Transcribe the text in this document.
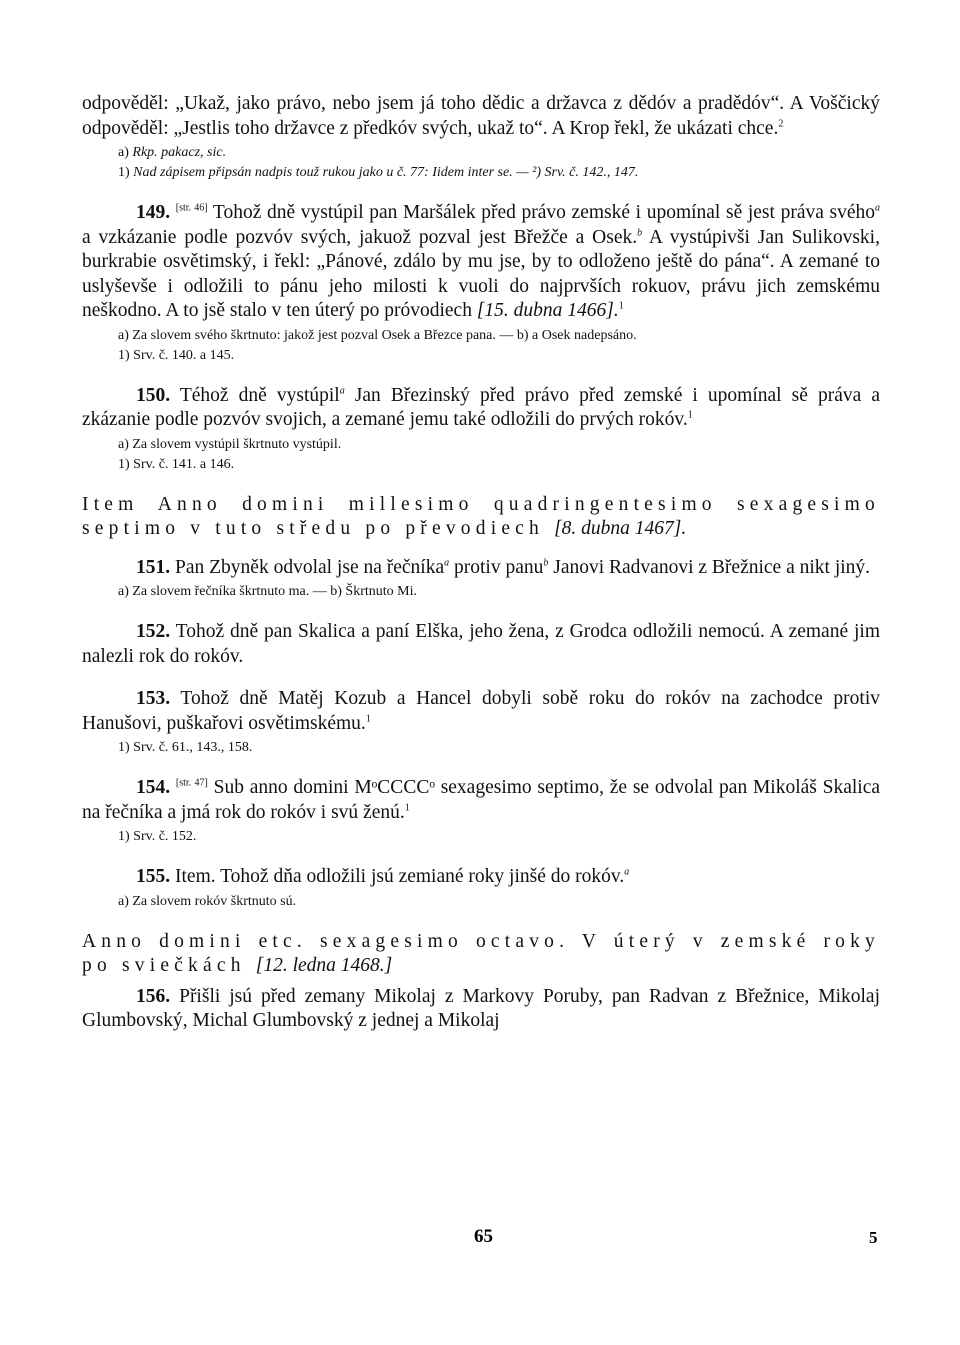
odpověděl: „Ukaž, jako právo, nebo jsem já toho dědic a državca z dědóv a pradědóv“. A Voščický odpověděl: „Jestlis toho državce z předkóv svých, ukaž to“. A Krop řekl, že ukázati chce.$^2$

a) Rkp. pakacz, sic.

1) Nad zápisem připsán nadpis touž rukou jako u č. 77: Iidem inter se. — ²) Srv. č. 142., 147.

149. [str. 46] Tohož dně vystúpil pan Maršálek před právo zemské i upomínal sě jest práva svého$^a$ a vzkázanie podle pozvóv svých, jakuož pozval jest Břežče a Osek.$^b$ A vystúpivši Jan Sulikovski, burkrabie osvětimský, i řekl: „Pánové, zdálo by mu jse, by to odloženo ještě do pána“. A zemané to uslyševše i odložili to pánu jeho milosti k vuoli do najprvších rokuov, právu jich zemskému neškodno. A to jsě stalo v ten úterý po próvodiech [15. dubna 1466].$^1$

a) Za slovem svého škrtnuto: jakož jest pozval Osek a Březce pana. — b) a Osek nadepsáno.

1) Srv. č. 140. a 145.

150. Téhož dně vystúpil$^a$ Jan Březinský před právo před zemské i upomínal sě práva a zkázanie podle pozvóv svojich, a zemané jemu také odložili do prvých rokóv.$^1$

a) Za slovem vystúpil škrtnuto vystúpil.

1) Srv. č. 141. a 146.

Item Anno domini millesimo quadringentesimo sexagesimo septimo v tuto středu po převodiech [8. dubna 1467].

151. Pan Zbyněk odvolal jse na řečníka$^a$ protiv panu$^b$ Janovi Radvanovi z Břežnice a nikt jiný.

a) Za slovem řečníka škrtnuto ma. — b) Škrtnuto Mi.

152. Tohož dně pan Skalica a paní Elška, jeho žena, z Grodca odložili nemocú. A zemané jim nalezli rok do rokóv.

153. Tohož dně Matěj Kozub a Hancel dobyli sobě roku do rokóv na zachodce protiv Hanušovi, puškařovi osvětimskému.$^1$

1) Srv. č. 61., 143., 158.

154. [str. 47] Sub anno domini MᵒCCCCᵒ sexagesimo septimo, že se odvolal pan Mikoláš Skalica na řečníka a jmá rok do rokóv i svú ženú.$^1$

1) Srv. č. 152.

155. Item. Tohož dňa odložili jsú zemiané roky jinšé do rokóv.$^a$

a) Za slovem rokóv škrtnuto sú.

Anno domini etc. sexagesimo octavo. V úterý v zemské roky po sviečkách [12. ledna 1468.]

156. Přišli jsú před zemany Mikolaj z Markovy Poruby, pan Radvan z Břežnice, Mikolaj Glumbovský, Michal Glumbovský z jednej a Mikolaj

65	5
